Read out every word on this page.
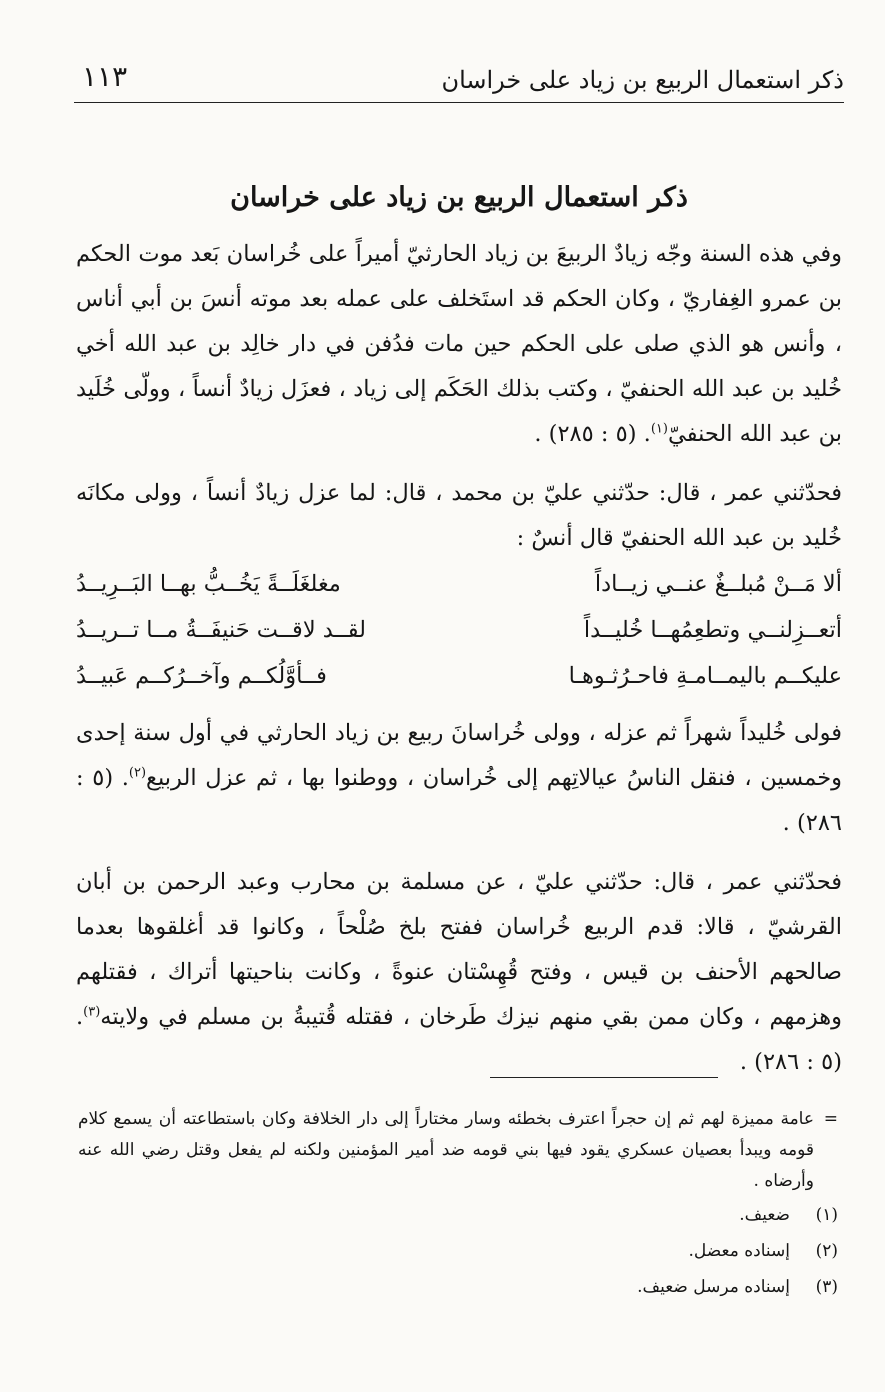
ذكر استعمال الربيع بن زياد على خراسان
١١٣
ذكر استعمال الربيع بن زياد على خراسان

وفي هذه السنة وجّه زيادٌ الربيعَ بن زياد الحارثيّ أميراً على خُراسان بَعد موت الحكم بن عمرو الغِفاريّ ، وكان الحكم قد استَخلف على عمله بعد موته أنسَ بن أبي أناس ، وأنس هو الذي صلى على الحكم حين مات فدُفن في دار خالِد بن عبد الله أخي خُليد بن عبد الله الحنفيّ ، وكتب بذلك الحَكَم إلى زياد ، فعزَل زيادٌ أنساً ، وولّى خُلَيد بن عبد الله الحنفيّ$^{(١)}$. (٥ : ٢٨٥) .

فحدّثني عمر ، قال: حدّثني عليّ بن محمد ، قال: لما عزل زيادٌ أنساً ، وولى مكانَه خُليد بن عبد الله الحنفيّ قال أنسٌ :

ألا مَــنْ مُبلــغٌ عنــي زيــاداً
مغلغَلَــةً يَخُــبُّ بهــا البَــرِيــدُ
أتعــزِلنــي وتطعِمُهــا خُليــداً
لقــد لاقــت حَنيفَــةُ مــا تــريــدُ
عليكــم باليمــامـةِ فاحـرُثـوهـا
فــأوَّلُكــم وآخــرُكــم عَبيــدُ

فولى خُليداً شهراً ثم عزله ، وولى خُراسانَ ربيع بن زياد الحارثي في أول سنة إحدى وخمسين ، فنقل الناسُ عيالاتِهم إلى خُراسان ، ووطنوا بها ، ثم عزل الربيع$^{(٢)}$. (٥ : ٢٨٦) .

فحدّثني عمر ، قال: حدّثني عليّ ، عن مسلمة بن محارب وعبد الرحمن بن أبان القرشيّ ، قالا: قدم الربيع خُراسان ففتح بلخ صُلْحاً ، وكانوا قد أغلقوها بعدما صالحهم الأحنف بن قيس ، وفتح قُهِسْتان عنوةً ، وكانت بناحيتها أتراك ، فقتلهم وهزمهم ، وكان ممن بقي منهم نيزك طَرخان ، فقتله قُتيبةُ بن مسلم في ولايته$^{(٣)}$. (٥ : ٢٨٦) .

=
عامة مميزة لهم ثم إن حجراً اعترف بخطئه وسار مختاراً إلى دار الخلافة وكان باستطاعته أن يسمع كلام قومه ويبدأ بعصيان عسكري يقود فيها بني قومه ضد أمير المؤمنين ولكنه لم يفعل وقتل رضي الله عنه وأرضاه .
(١)
ضعيف.
(٢)
إسناده معضل.
(٣)
إسناده مرسل ضعيف.
